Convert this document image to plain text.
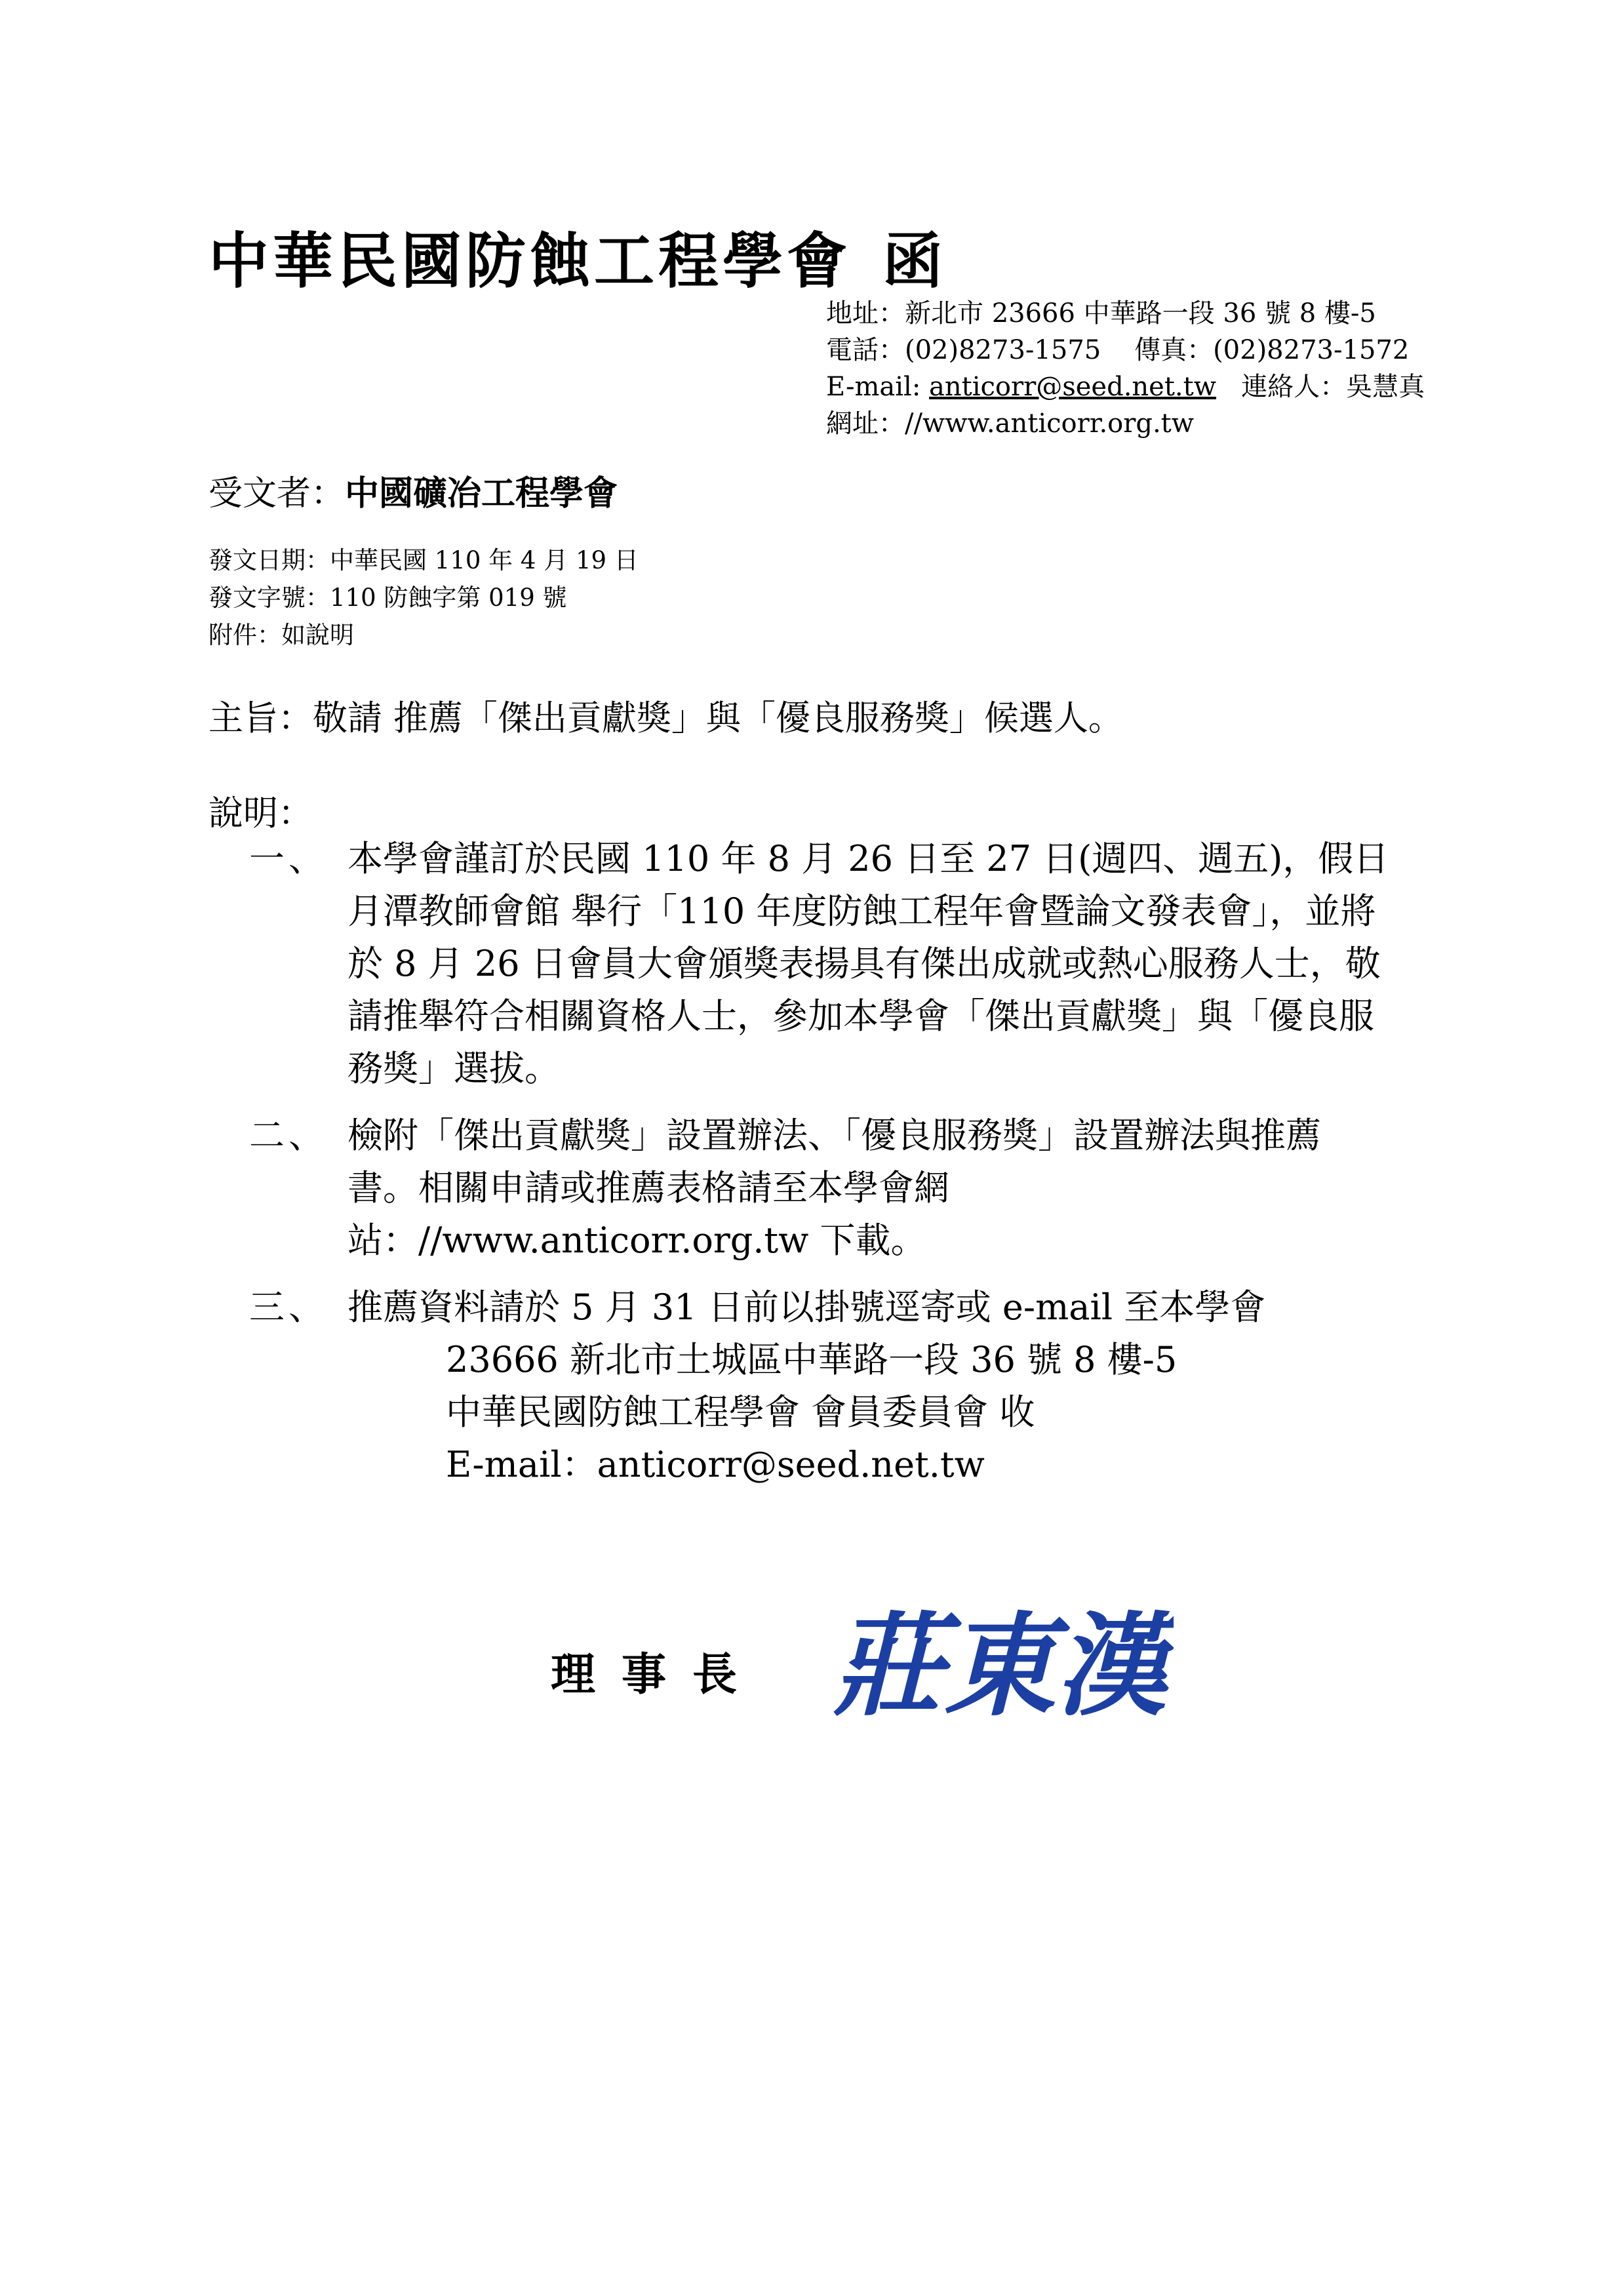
中華民國防蝕工程學會 函
地址：新北市 23666 中華路一段 36 號 8 樓-5
電話：(02)8273-1575 傳真：(02)8273-1572
E-mail: anticorr@seed.net.tw 連絡人：吳慧真
網址：//www.anticorr.org.tw
受文者：中國礦冶工程學會
發文日期：中華民國 110 年 4 月 19 日
發文字號：110 防蝕字第 019 號
附件：如說明
主旨：敬請 推薦「傑出貢獻獎」與「優良服務獎」候選人。
說明：
一、 本學會謹訂於民國 110 年 8 月 26 日至 27 日(週四、週五)，假日月潭教師會館 舉行「110 年度防蝕工程年會暨論文發表會」，並將於 8 月 26 日會員大會頒獎表揚具有傑出成就或熱心服務人士，敬請推舉符合相關資格人士，參加本學會「傑出貢獻獎」與「優良服務獎」選拔。
二、 檢附「傑出貢獻獎」設置辦法、「優良服務獎」設置辦法與推薦書。相關申請或推薦表格請至本學會網站：//www.anticorr.org.tw 下載。
三、 推薦資料請於 5 月 31 日前以掛號逕寄或 e-mail 至本學會
23666 新北市土城區中華路一段 36 號 8 樓-5
中華民國防蝕工程學會 會員委員會 收
E-mail：anticorr@seed.net.tw
理事長 莊東漢
